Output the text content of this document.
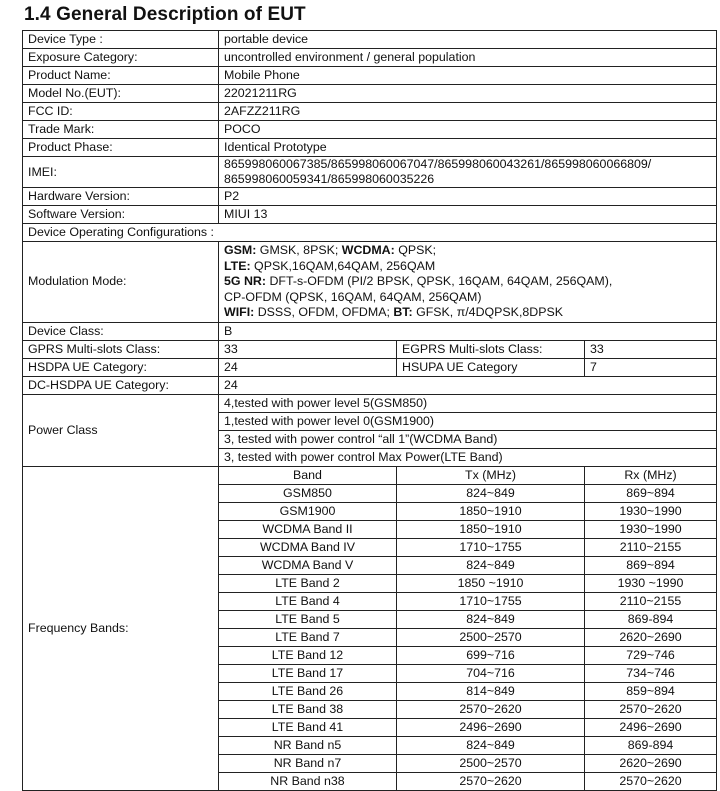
1.4 General Description of EUT
Device Type :	portable device		
Exposure Category:	uncontrolled environment / general population		
Product Name:	Mobile Phone		
Model No.(EUT):	22021211RG		
FCC ID:	2AFZZ211RG		
Trade Mark:	POCO		
Product Phase:	Identical Prototype		
IMEI:	865998060067385/865998060067047/865998060043261/865998060066809/
865998060059341/865998060035226		

Hardware Version:	P2		
Software Version:	MIUI 13		
Device Operating Configurations :			
Modulation Mode:	GSM: GMSK, 8PSK; WCDMA: QPSK;
LTE: QPSK,16QAM,64QAM, 256QAM
5G NR: DFT-s-OFDM (PI/2 BPSK, QPSK, 16QAM, 64QAM, 256QAM),
CP-OFDM (QPSK, 16QAM, 64QAM, 256QAM)
WIFI: DSSS, OFDM, OFDMA; BT: GFSK, π/4DQPSK,8DPSK		

Device Class:	B		
GPRS Multi-slots Class:	33	EGPRS Multi-slots Class:	33
HSDPA UE Category:	24	HSUPA UE Category	7
DC-HSDPA UE Category:	24		
Power Class	4,tested with power level 5(GSM850)		
	1,tested with power level 0(GSM1900)		
	3, tested with power control “all 1”(WCDMA Band)		
	3, tested with power control Max Power(LTE Band)		
Frequency Bands:	Band	Tx (MHz)	Rx (MHz)
	GSM850	824~849	869~894
	GSM1900	1850~1910	1930~1990
	WCDMA Band II	1850~1910	1930~1990
	WCDMA Band IV	1710~1755	2110~2155
	WCDMA Band V	824~849	869~894
	LTE Band 2	1850 ~1910	1930 ~1990
	LTE Band 4	1710~1755	2110~2155
	LTE Band 5	824~849	869-894
	LTE Band 7	2500~2570	2620~2690
	LTE Band 12	699~716	729~746
	LTE Band 17	704~716	734~746
	LTE Band 26	814~849	859~894
	LTE Band 38	2570~2620	2570~2620
	LTE Band 41	2496~2690	2496~2690
	NR Band n5	824~849	869-894
	NR Band n7	2500~2570	2620~2690
	NR Band n38	2570~2620	2570~2620
